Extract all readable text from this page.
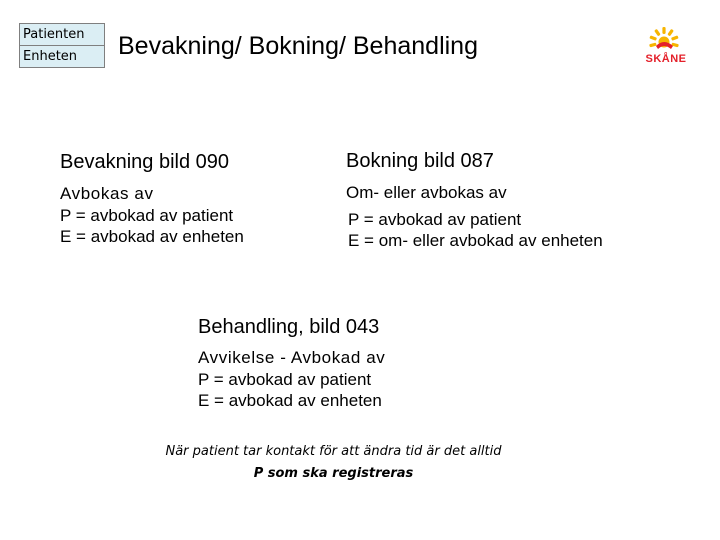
Patienten
Enheten	Bevakning/ Bokning/ Behandling	SKÅNE
Bevakning bild 090
Avbokas av
P = avbokad av patient
E = avbokad av enheten
Bokning bild 087
Om- eller avbokas av
P = avbokad av patient
E = om- eller avbokad av enheten
Behandling, bild 043
Avvikelse - Avbokad av
P = avbokad av patient
E = avbokad av enheten
När patient tar kontakt för att ändra tid är det alltid
P som ska registreras
